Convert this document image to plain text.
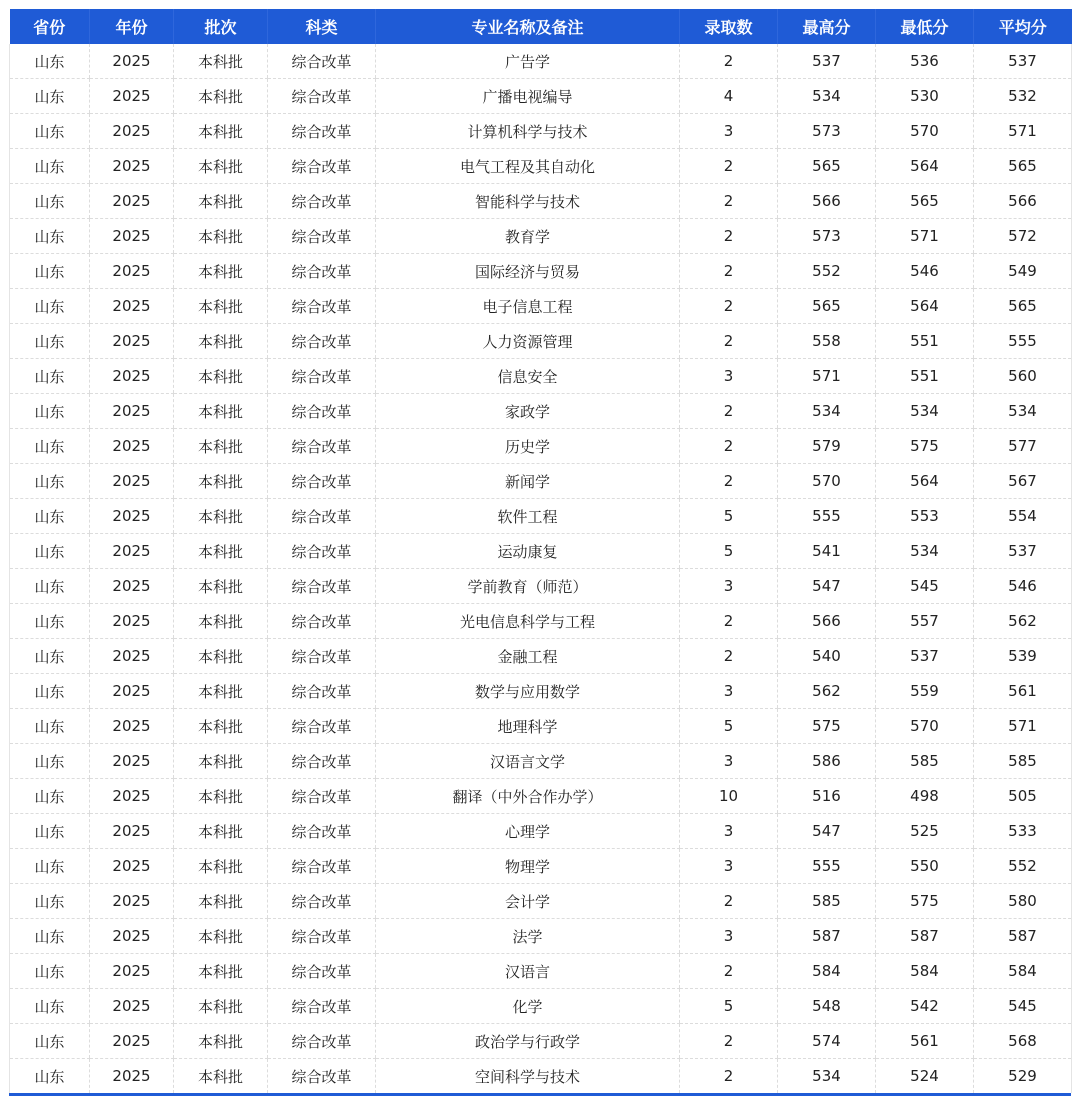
省份	年份	批次	科类	专业名称及备注	录取数	最高分	最低分	平均分
山东	2025	本科批	综合改革	广告学	2	537	536	537
山东	2025	本科批	综合改革	广播电视编导	4	534	530	532
山东	2025	本科批	综合改革	计算机科学与技术	3	573	570	571
山东	2025	本科批	综合改革	电气工程及其自动化	2	565	564	565
山东	2025	本科批	综合改革	智能科学与技术	2	566	565	566
山东	2025	本科批	综合改革	教育学	2	573	571	572
山东	2025	本科批	综合改革	国际经济与贸易	2	552	546	549
山东	2025	本科批	综合改革	电子信息工程	2	565	564	565
山东	2025	本科批	综合改革	人力资源管理	2	558	551	555
山东	2025	本科批	综合改革	信息安全	3	571	551	560
山东	2025	本科批	综合改革	家政学	2	534	534	534
山东	2025	本科批	综合改革	历史学	2	579	575	577
山东	2025	本科批	综合改革	新闻学	2	570	564	567
山东	2025	本科批	综合改革	软件工程	5	555	553	554
山东	2025	本科批	综合改革	运动康复	5	541	534	537
山东	2025	本科批	综合改革	学前教育（师范）	3	547	545	546
山东	2025	本科批	综合改革	光电信息科学与工程	2	566	557	562
山东	2025	本科批	综合改革	金融工程	2	540	537	539
山东	2025	本科批	综合改革	数学与应用数学	3	562	559	561
山东	2025	本科批	综合改革	地理科学	5	575	570	571
山东	2025	本科批	综合改革	汉语言文学	3	586	585	585
山东	2025	本科批	综合改革	翻译（中外合作办学）	10	516	498	505
山东	2025	本科批	综合改革	心理学	3	547	525	533
山东	2025	本科批	综合改革	物理学	3	555	550	552
山东	2025	本科批	综合改革	会计学	2	585	575	580
山东	2025	本科批	综合改革	法学	3	587	587	587
山东	2025	本科批	综合改革	汉语言	2	584	584	584
山东	2025	本科批	综合改革	化学	5	548	542	545
山东	2025	本科批	综合改革	政治学与行政学	2	574	561	568
山东	2025	本科批	综合改革	空间科学与技术	2	534	524	529
